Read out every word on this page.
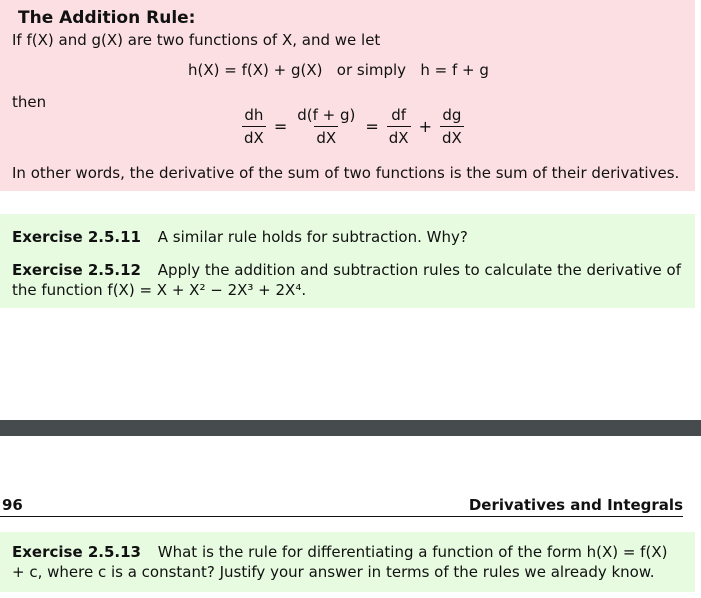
The Addition Rule:
If f(X) and g(X) are two functions of X, and we let
h(X) = f(X) + g(X)   or simply   h = f + g
then
$\frac{dh}{dX} = \frac{d(f + g)}{dX} = \frac{df}{dX} + \frac{dg}{dX}$
In other words, the derivative of the sum of two functions is the sum of their derivatives.
Exercise 2.5.11 A similar rule holds for subtraction. Why?
Exercise 2.5.12 Apply the addition and subtraction rules to calculate the derivative of the function f(X) = X + X² − 2X³ + 2X⁴.
96	Derivatives and Integrals
Exercise 2.5.13 What is the rule for differentiating a function of the form h(X) = f(X) + c, where c is a constant? Justify your answer in terms of the rules we already know.
